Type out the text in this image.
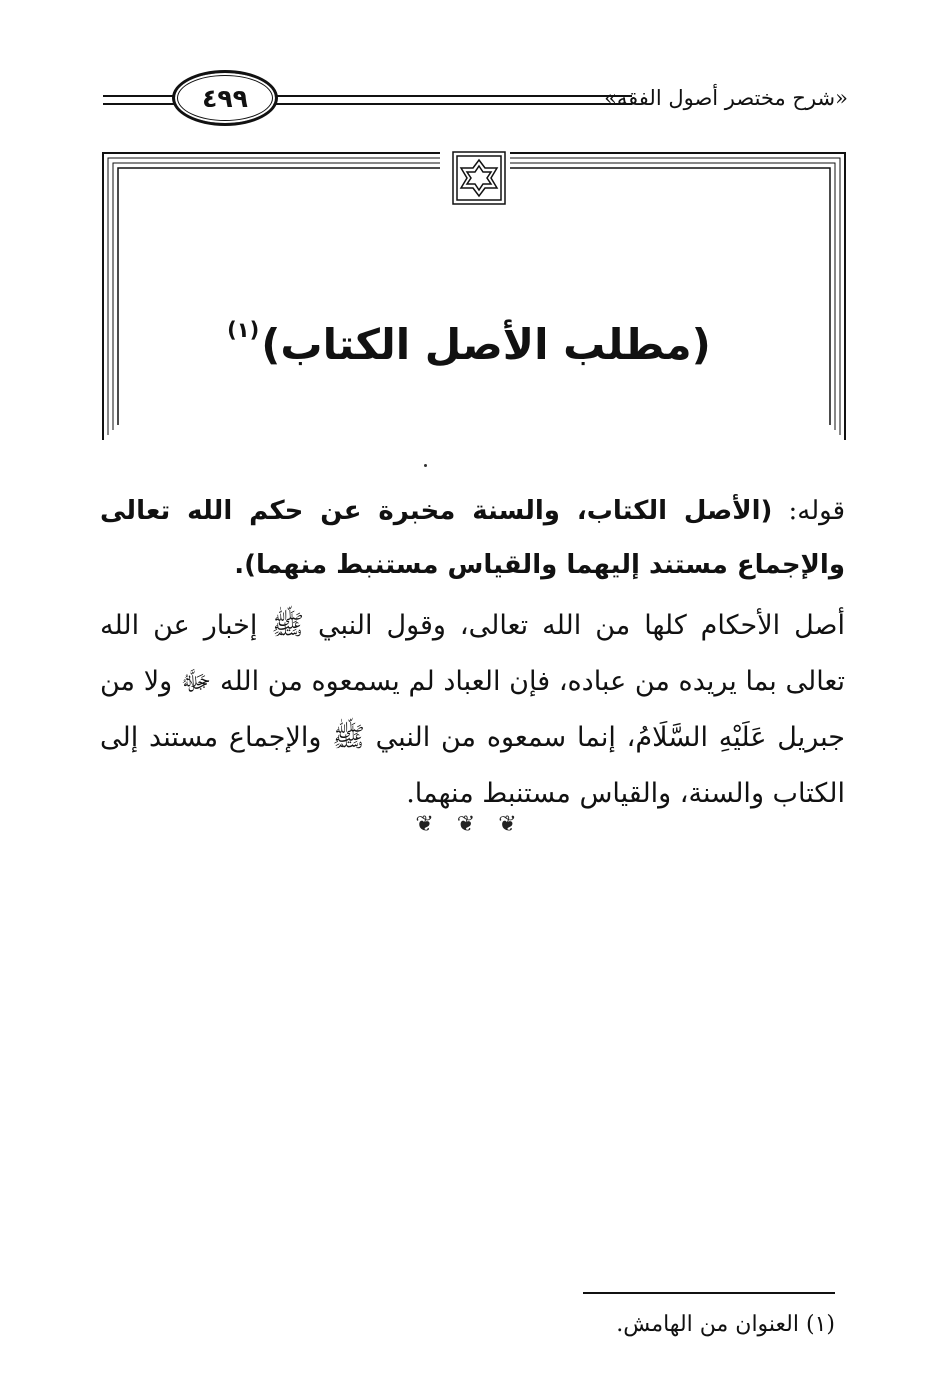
«شرح مختصر أصول الفقه»
٤٩٩
(مطلب الأصل الكتاب)$^{(١)}$
قوله: (الأصل الكتاب، والسنة مخبرة عن حكم الله تعالى والإجماع مستند إليهما والقياس مستنبط منهما).
أصل الأحكام كلها من الله تعالى، وقول النبي ﷺ إخبار عن الله تعالى بما يريده من عباده، فإن العباد لم يسمعوه من الله ﷻ ولا من جبريل عَلَيْهِ السَّلَامُ، إنما سمعوه من النبي ﷺ والإجماع مستند إلى الكتاب والسنة، والقياس مستنبط منهما.
❦ ❦ ❦
(١) العنوان من الهامش.
